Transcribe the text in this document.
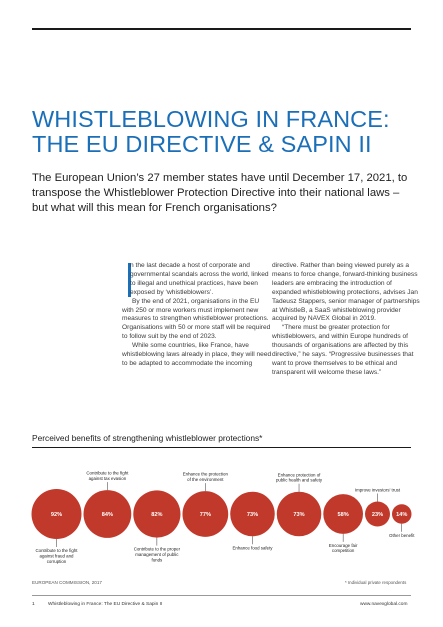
WHISTLEBLOWING IN FRANCE:
THE EU DIRECTIVE & SAPIN II

The European Union’s 27 member states have until December 17, 2021, to transpose the Whistleblower Protection Directive into their national laws – but what will this mean for French organisations?

n the last decade a host of corporate and governmental scandals across the world, linked to illegal and unethical practices, have been exposed by ‘whistleblowers’.

By the end of 2021, organisations in the EU with 250 or more workers must implement new measures to strengthen whistleblower protections. Organisations with 50 or more staff will be required to follow suit by the end of 2023.

While some countries, like France, have whistleblowing laws already in place, they will need to be adapted to accommodate the incoming

directive. Rather than being viewed purely as a means to force change, forward-thinking business leaders are embracing the introduction of expanded whistleblowing protections, advises Jan Tadeusz Stappers, senior manager of partnerships at WhistleB, a SaaS whistleblowing provider acquired by NAVEX Global in 2019.

“There must be greater protection for whistleblowers, and within Europe hundreds of thousands of organisations are affected by this directive,” he says. “Progressive businesses that want to prove themselves to be ethical and transparent will welcome these laws.”

Perceived benefits of strengthening whistleblower protections*
92%
Contribute to the fight against fraud and corruption
84%
Contribute to the fight against tax evasion
82%
Contribute to the proper management of public funds
77%
Enhance the protection of the environment
73%
Enhance food safety
73%
Enhance protection of public health and safety
58%
Encourage fair competition
23%
Improve investors’ trust
14%
Other benefit
EUROPEAN COMMISSION, 2017	* Individual private respondents
1	Whistleblowing in France: The EU Directive & Sapin II	www.navexglobal.com
